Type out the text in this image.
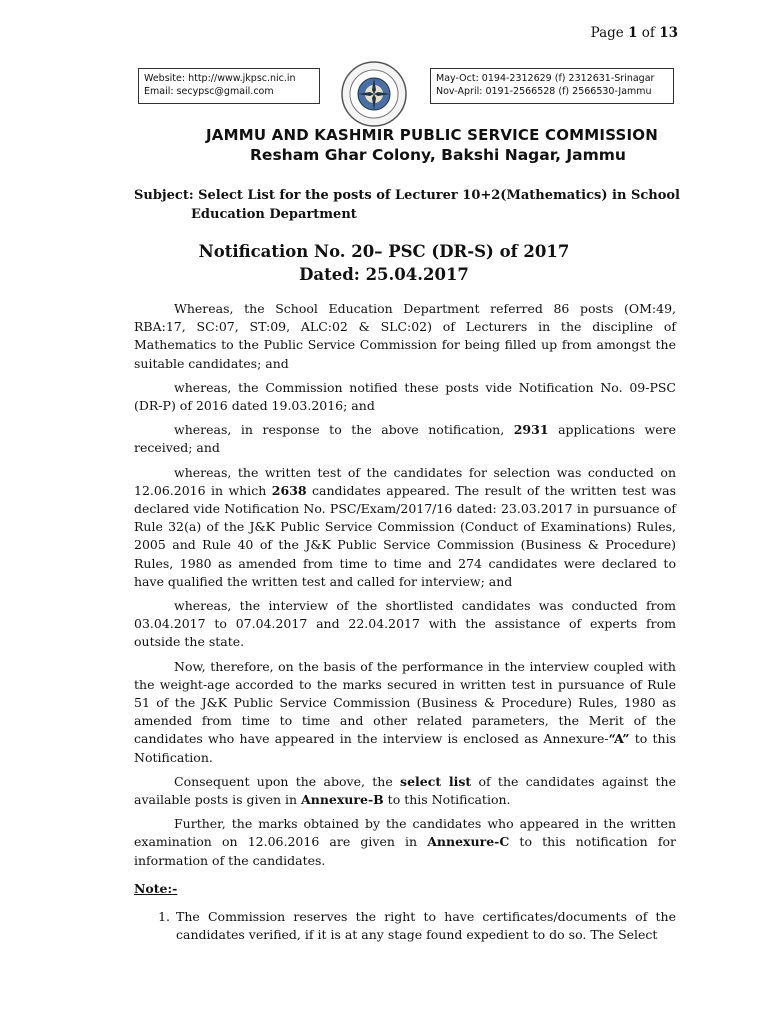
Page 1 of 13
Website: http://www.jkpsc.nic.in
Email: secypsc@gmail.com
May-Oct: 0194-2312629 (f) 2312631-Srinagar
Nov-April: 0191-2566528 (f) 2566530-Jammu
JAMMU AND KASHMIR PUBLIC SERVICE COMMISSION
Resham Ghar Colony, Bakshi Nagar, Jammu
Subject: Select List for the posts of Lecturer 10+2(Mathematics) in School
Education Department
Notification No. 20– PSC (DR-S) of 2017
Dated: 25.04.2017

Whereas, the School Education Department referred 86 posts (OM:49, RBA:17, SC:07, ST:09, ALC:02 & SLC:02) of Lecturers in the discipline of Mathematics to the Public Service Commission for being filled up from amongst the suitable candidates; and

whereas, the Commission notified these posts vide Notification No. 09-PSC (DR-P) of 2016 dated 19.03.2016; and

whereas, in response to the above notification, 2931 applications were received; and

whereas, the written test of the candidates for selection was conducted on 12.06.2016 in which 2638 candidates appeared. The result of the written test was declared vide Notification No. PSC/Exam/2017/16 dated: 23.03.2017 in pursuance of Rule 32(a) of the J&K Public Service Commission (Conduct of Examinations) Rules, 2005 and Rule 40 of the J&K Public Service Commission (Business & Procedure) Rules, 1980 as amended from time to time and 274 candidates were declared to have qualified the written test and called for interview; and

whereas, the interview of the shortlisted candidates was conducted from 03.04.2017 to 07.04.2017 and 22.04.2017 with the assistance of experts from outside the state.

Now, therefore, on the basis of the performance in the interview coupled with the weight-age accorded to the marks secured in written test in pursuance of Rule 51 of the J&K Public Service Commission (Business & Procedure) Rules, 1980 as amended from time to time and other related parameters, the Merit of the candidates who have appeared in the interview is enclosed as Annexure-“A” to this Notification.

Consequent upon the above, the select list of the candidates against the available posts is given in Annexure-B to this Notification.

Further, the marks obtained by the candidates who appeared in the written examination on 12.06.2016 are given in Annexure-C to this notification for information of the candidates.

Note:-

1. The Commission reserves the right to have certificates/documents of the candidates verified, if it is at any stage found expedient to do so. The Select
